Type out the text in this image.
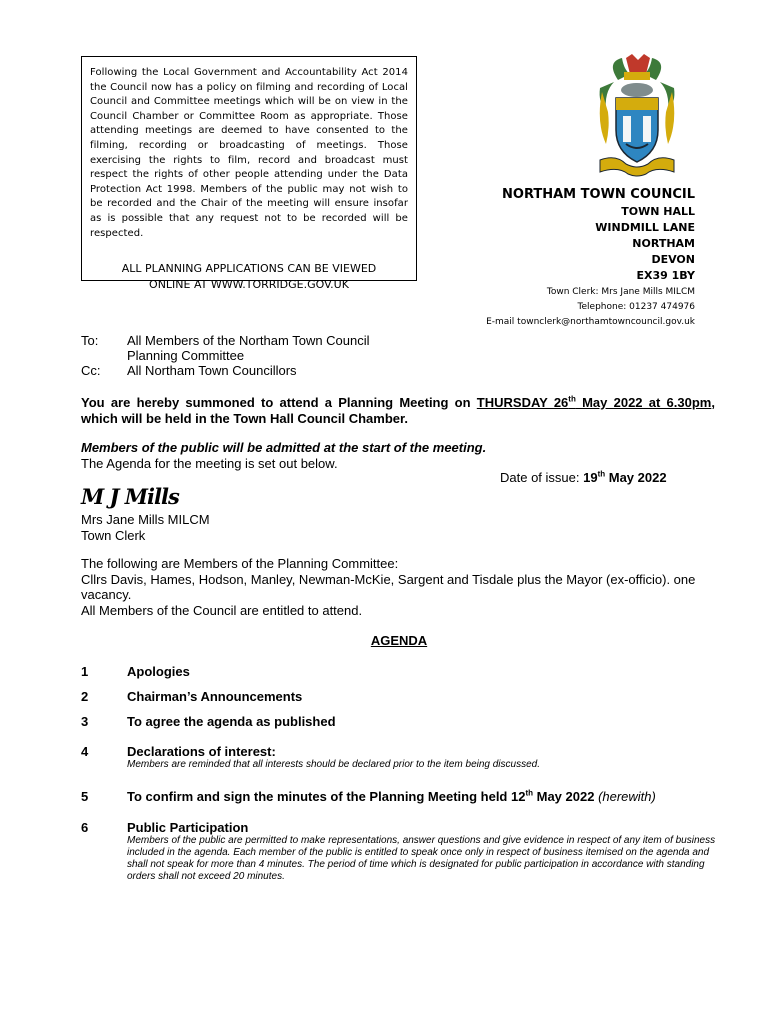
Following the Local Government and Accountability Act 2014 the Council now has a policy on filming and recording of Local Council and Committee meetings which will be on view in the Council Chamber or Committee Room as appropriate. Those attending meetings are deemed to have consented to the filming, recording or broadcasting of meetings. Those exercising the rights to film, record and broadcast must respect the rights of other people attending under the Data Protection Act 1998. Members of the public may not wish to be recorded and the Chair of the meeting will ensure insofar as is possible that any request not to be recorded will be respected.
ALL PLANNING APPLICATIONS CAN BE VIEWED
ONLINE AT WWW.TORRIDGE.GOV.UK
NORTHAM TOWN COUNCIL
TOWN HALL
WINDMILL LANE
NORTHAM
DEVON
EX39 1BY
Town Clerk: Mrs Jane Mills MILCM
Telephone: 01237 474976
E-mail townclerk@northamtowncouncil.gov.uk
To:	All Members of the Northam Town Council
Planning Committee
Cc:	All Northam Town Councillors
You are hereby summoned to attend a Planning Meeting on THURSDAY 26th May 2022 at 6.30pm, which will be held in the Town Hall Council Chamber.
Members of the public will be admitted at the start of the meeting.
The Agenda for the meeting is set out below.
Date of issue: 19th May 2022
M J Mills
Mrs Jane Mills MILCM
Town Clerk
The following are Members of the Planning Committee:
Cllrs Davis, Hames, Hodson, Manley, Newman-McKie, Sargent and Tisdale plus the Mayor (ex-officio). one vacancy.
All Members of the Council are entitled to attend.
AGENDA
1	Apologies
2	Chairman’s Announcements
3	To agree the agenda as published
4	Declarations of interest:
Members are reminded that all interests should be declared prior to the item being discussed.
5	To confirm and sign the minutes of the Planning Meeting held 12th May 2022 (herewith)
6	Public Participation
Members of the public are permitted to make representations, answer questions and give evidence in respect of any item of business included in the agenda. Each member of the public is entitled to speak once only in respect of business itemised on the agenda and shall not speak for more than 4 minutes. The period of time which is designated for public participation in accordance with standing orders shall not exceed 20 minutes.
